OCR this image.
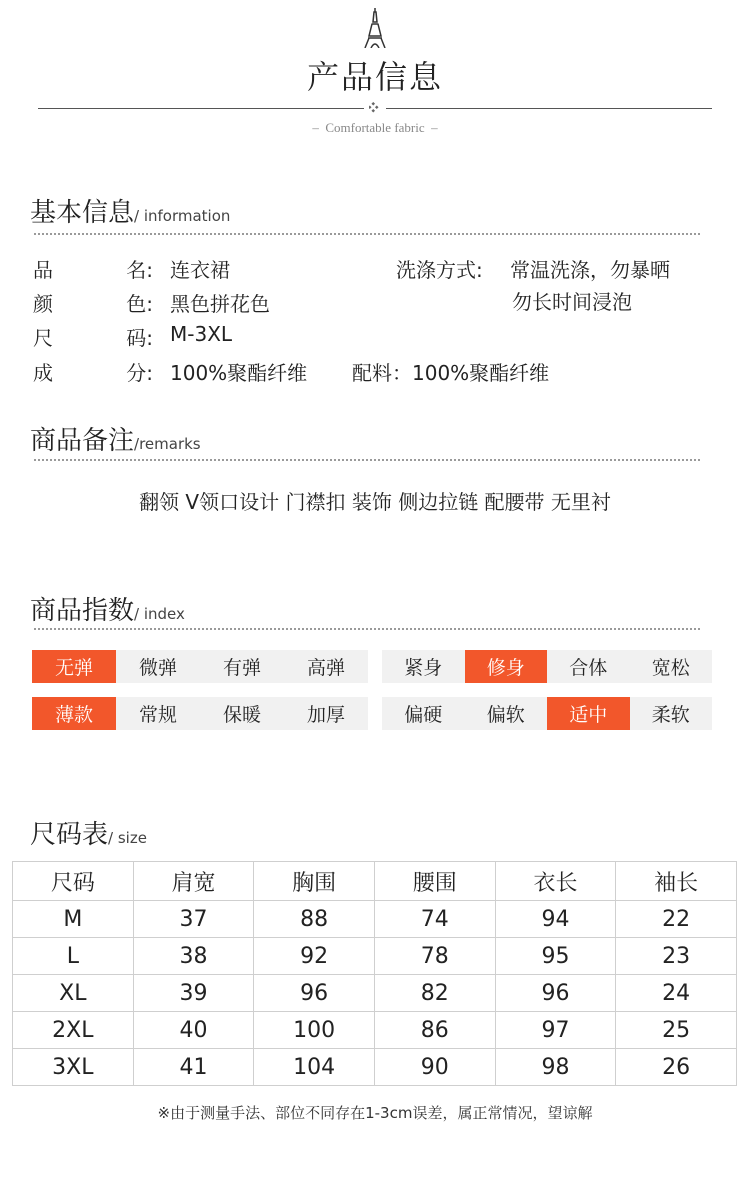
产品信息
–  Comfortable fabric  –
基本信息/ information
品	名: 连衣裙
颜	色: 黑色拼花色
尺	码: M-3XL
成	分: 100%聚酯纤维 配料：100%聚酯纤维
洗涤方式: 常温洗涤，勿暴晒
勿长时间浸泡
商品备注/remarks
翻领 V领口设计 门襟扣 装饰 侧边拉链 配腰带 无里衬
商品指数/ index
无弹	微弹	有弹	高弹	紧身	修身	合体	宽松
薄款	常规	保暖	加厚	偏硬	偏软	适中	柔软
尺码表/ size
尺码	肩宽	胸围	腰围	衣长	袖长
M	37	88	74	94	22
L	38	92	78	95	23
XL	39	96	82	96	24
2XL	40	100	86	97	25
3XL	41	104	90	98	26
※由于测量手法、部位不同存在1-3cm误差，属正常情况，望谅解
